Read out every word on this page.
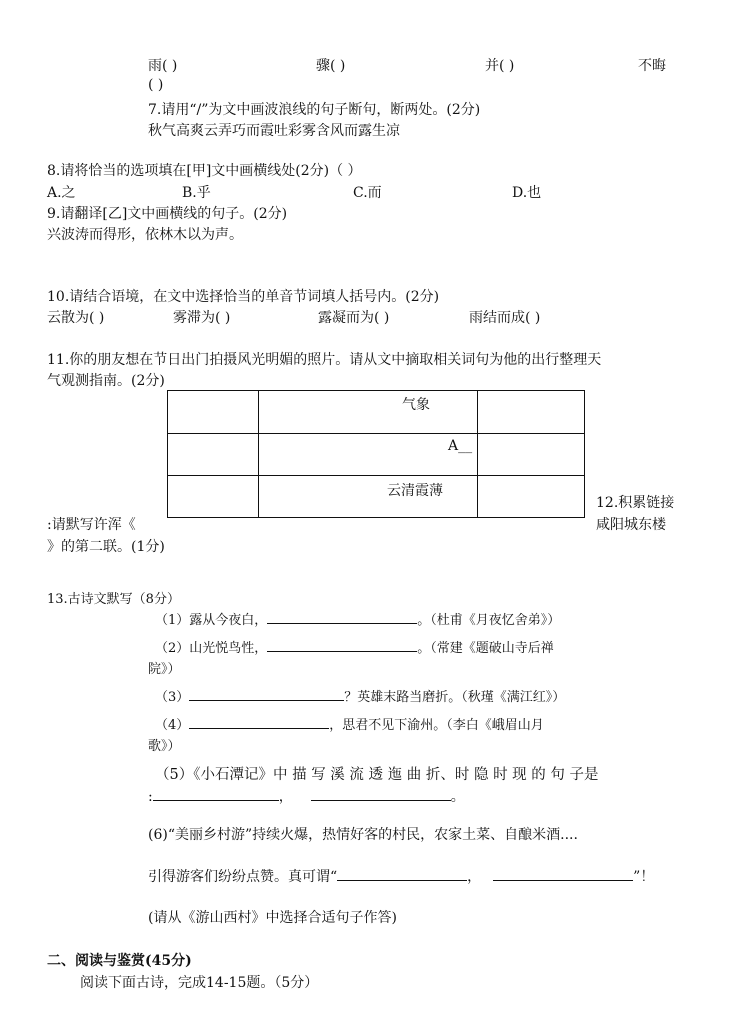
雨( )	骤( )	并( )	不晦
( )
7.请用“/”为文中画波浪线的句子断句，断两处。(2分)
秋气高爽云弄巧而霞吐彩雾含风而露生凉
8.请将恰当的选项填在[甲]文中画横线处(2分)（ ）
A.之	B.乎	C.而	D.也
9.请翻译[乙]文中画横线的句子。(2分)
兴波涛而得形，依林木以为声。
10.请结合语境，在文中选择恰当的单音节词填人括号内。(2分)
云散为( )	雾滞为( )	露凝而为( )	雨结而成( )
11.你的朋友想在节日出门拍摄风光明媚的照片。请从文中摘取相关词句为他的出行整理天
气观测指南。(2分)

	气象	

	A__	

	云清霞薄	

12.积累链接
咸阳城东楼
:请默写许浑《
》的第二联。(1分)
13.古诗文默写（8分）
（1）露从今夜白，	。（杜甫《月夜忆舍弟》）
（2）山光悦鸟性，	。（常建《题破山寺后禅
院》）
（3）	？英雄末路当磨折。（秋瑾《满江红》）
（4）	，思君不见下渝州。（李白《峨眉山月
歌》）
（5）《小石潭记》中 描 写 溪 流 透 迤 曲 折、时 隐 时 现 的 句 子是
:	，	。
(6)“美丽乡村游”持续火爆，热情好客的村民，农家土菜、自酿米酒....
引得游客们纷纷点赞。真可谓“	，	”！
(请从《游山西村》中选择合适句子作答)
二、阅读与鉴赏(45分)
阅读下面古诗，完成14-15题。（5分）
